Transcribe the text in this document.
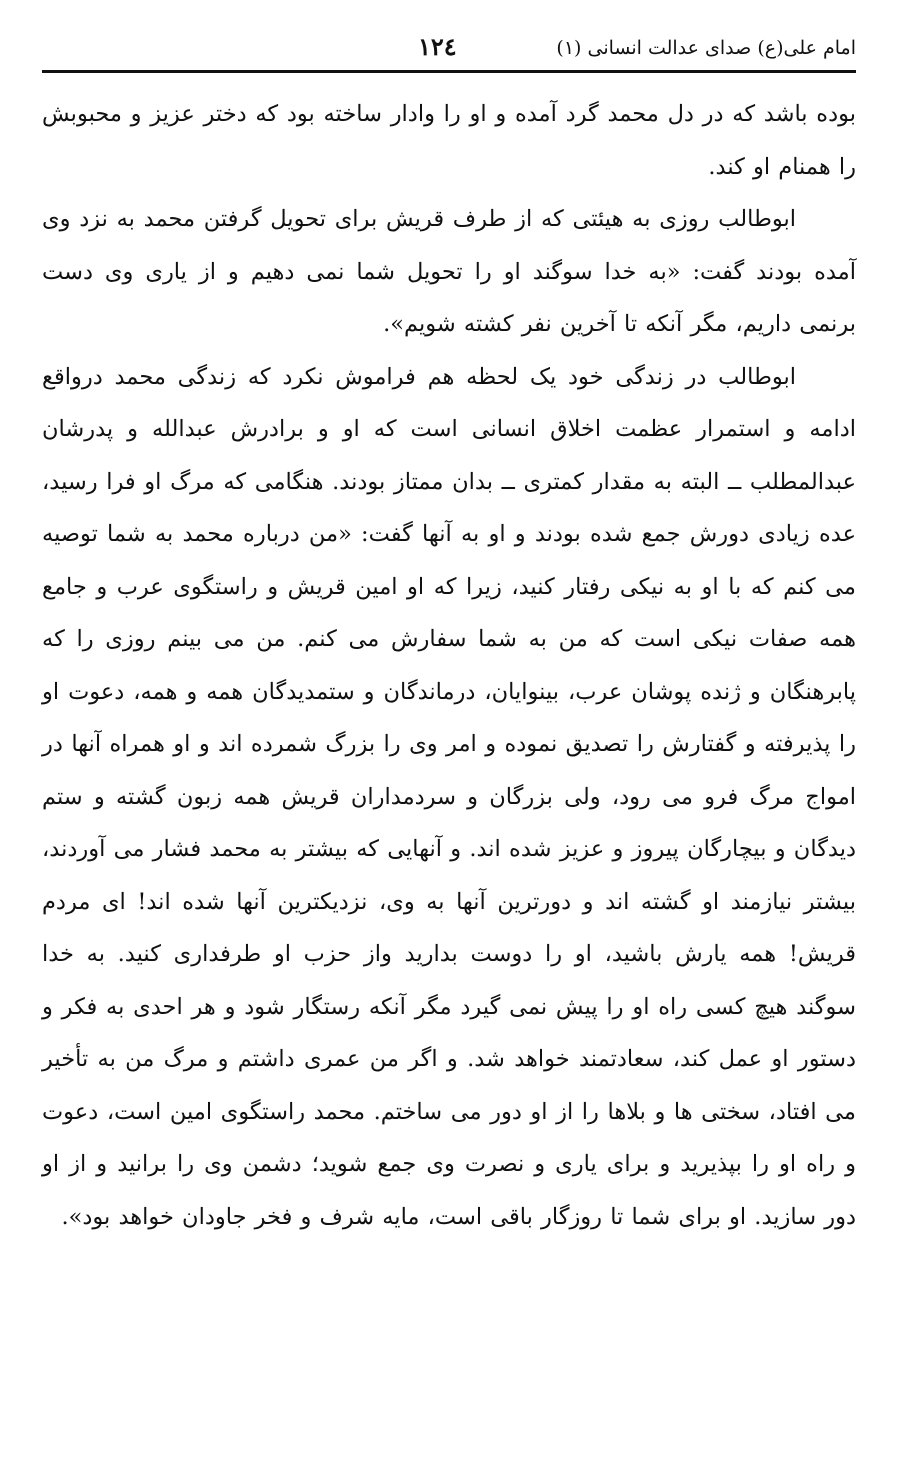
امام علی(ع) صدای عدالت انسانی (۱)
۱۲٤

بوده باشد که در دل محمد گرد آمده و او را وادار ساخته بود که دختر عزیز و محبوبش را همنام او کند.

ابوطالب روزی به هیئتی که از طرف قریش برای تحویل گرفتن محمد به نزد وی آمده بودند گفت: «به خدا سوگند او را تحویل شما نمی دهیم و از یاری وی دست برنمی داریم، مگر آنکه تا آخرین نفر کشته شویم».

ابوطالب در زندگی خود یک لحظه هم فراموش نکرد که زندگی محمد درواقع ادامه و استمرار عظمت اخلاق انسانی است که او و برادرش عبدالله و پدرشان عبدالمطلب ــ البته به مقدار کمتری ــ بدان ممتاز بودند. هنگامی که مرگ او فرا رسید، عده زیادی دورش جمع شده بودند و او به آنها گفت: «من درباره محمد به شما توصیه می کنم که با او به نیکی رفتار کنید، زیرا که او امین قریش و راستگوی عرب و جامع همه صفات نیکی است که من به شما سفارش می کنم. من می بینم روزی را که پابرهنگان و ژنده پوشان عرب، بینوایان، درماندگان و ستمدیدگان همه و همه، دعوت او را پذیرفته و گفتارش را تصدیق نموده و امر وی را بزرگ شمرده اند و او همراه آنها در امواج مرگ فرو می رود، ولی بزرگان و سردمداران قریش همه زبون گشته و ستم دیدگان و بیچارگان پیروز و عزیز شده اند. و آنهایی که بیشتر به محمد فشار می آوردند، بیشتر نیازمند او گشته اند و دورترین آنها به وی، نزدیکترین آنها شده اند! ای مردم قریش! همه یارش باشید، او را دوست بدارید واز حزب او طرفداری کنید. به خدا سوگند هیچ کسی راه او را پیش نمی گیرد مگر آنکه رستگار شود و هر احدی به فکر و دستور او عمل کند، سعادتمند خواهد شد. و اگر من عمری داشتم و مرگ من به تأخیر می افتاد، سختی ها و بلاها را از او دور می ساختم. محمد راستگوی امین است، دعوت و راه او را بپذیرید و برای یاری و نصرت وی جمع شوید؛ دشمن وی را برانید و از او دور سازید. او برای شما تا روزگار باقی است، مایه شرف و فخر جاودان خواهد بود».
